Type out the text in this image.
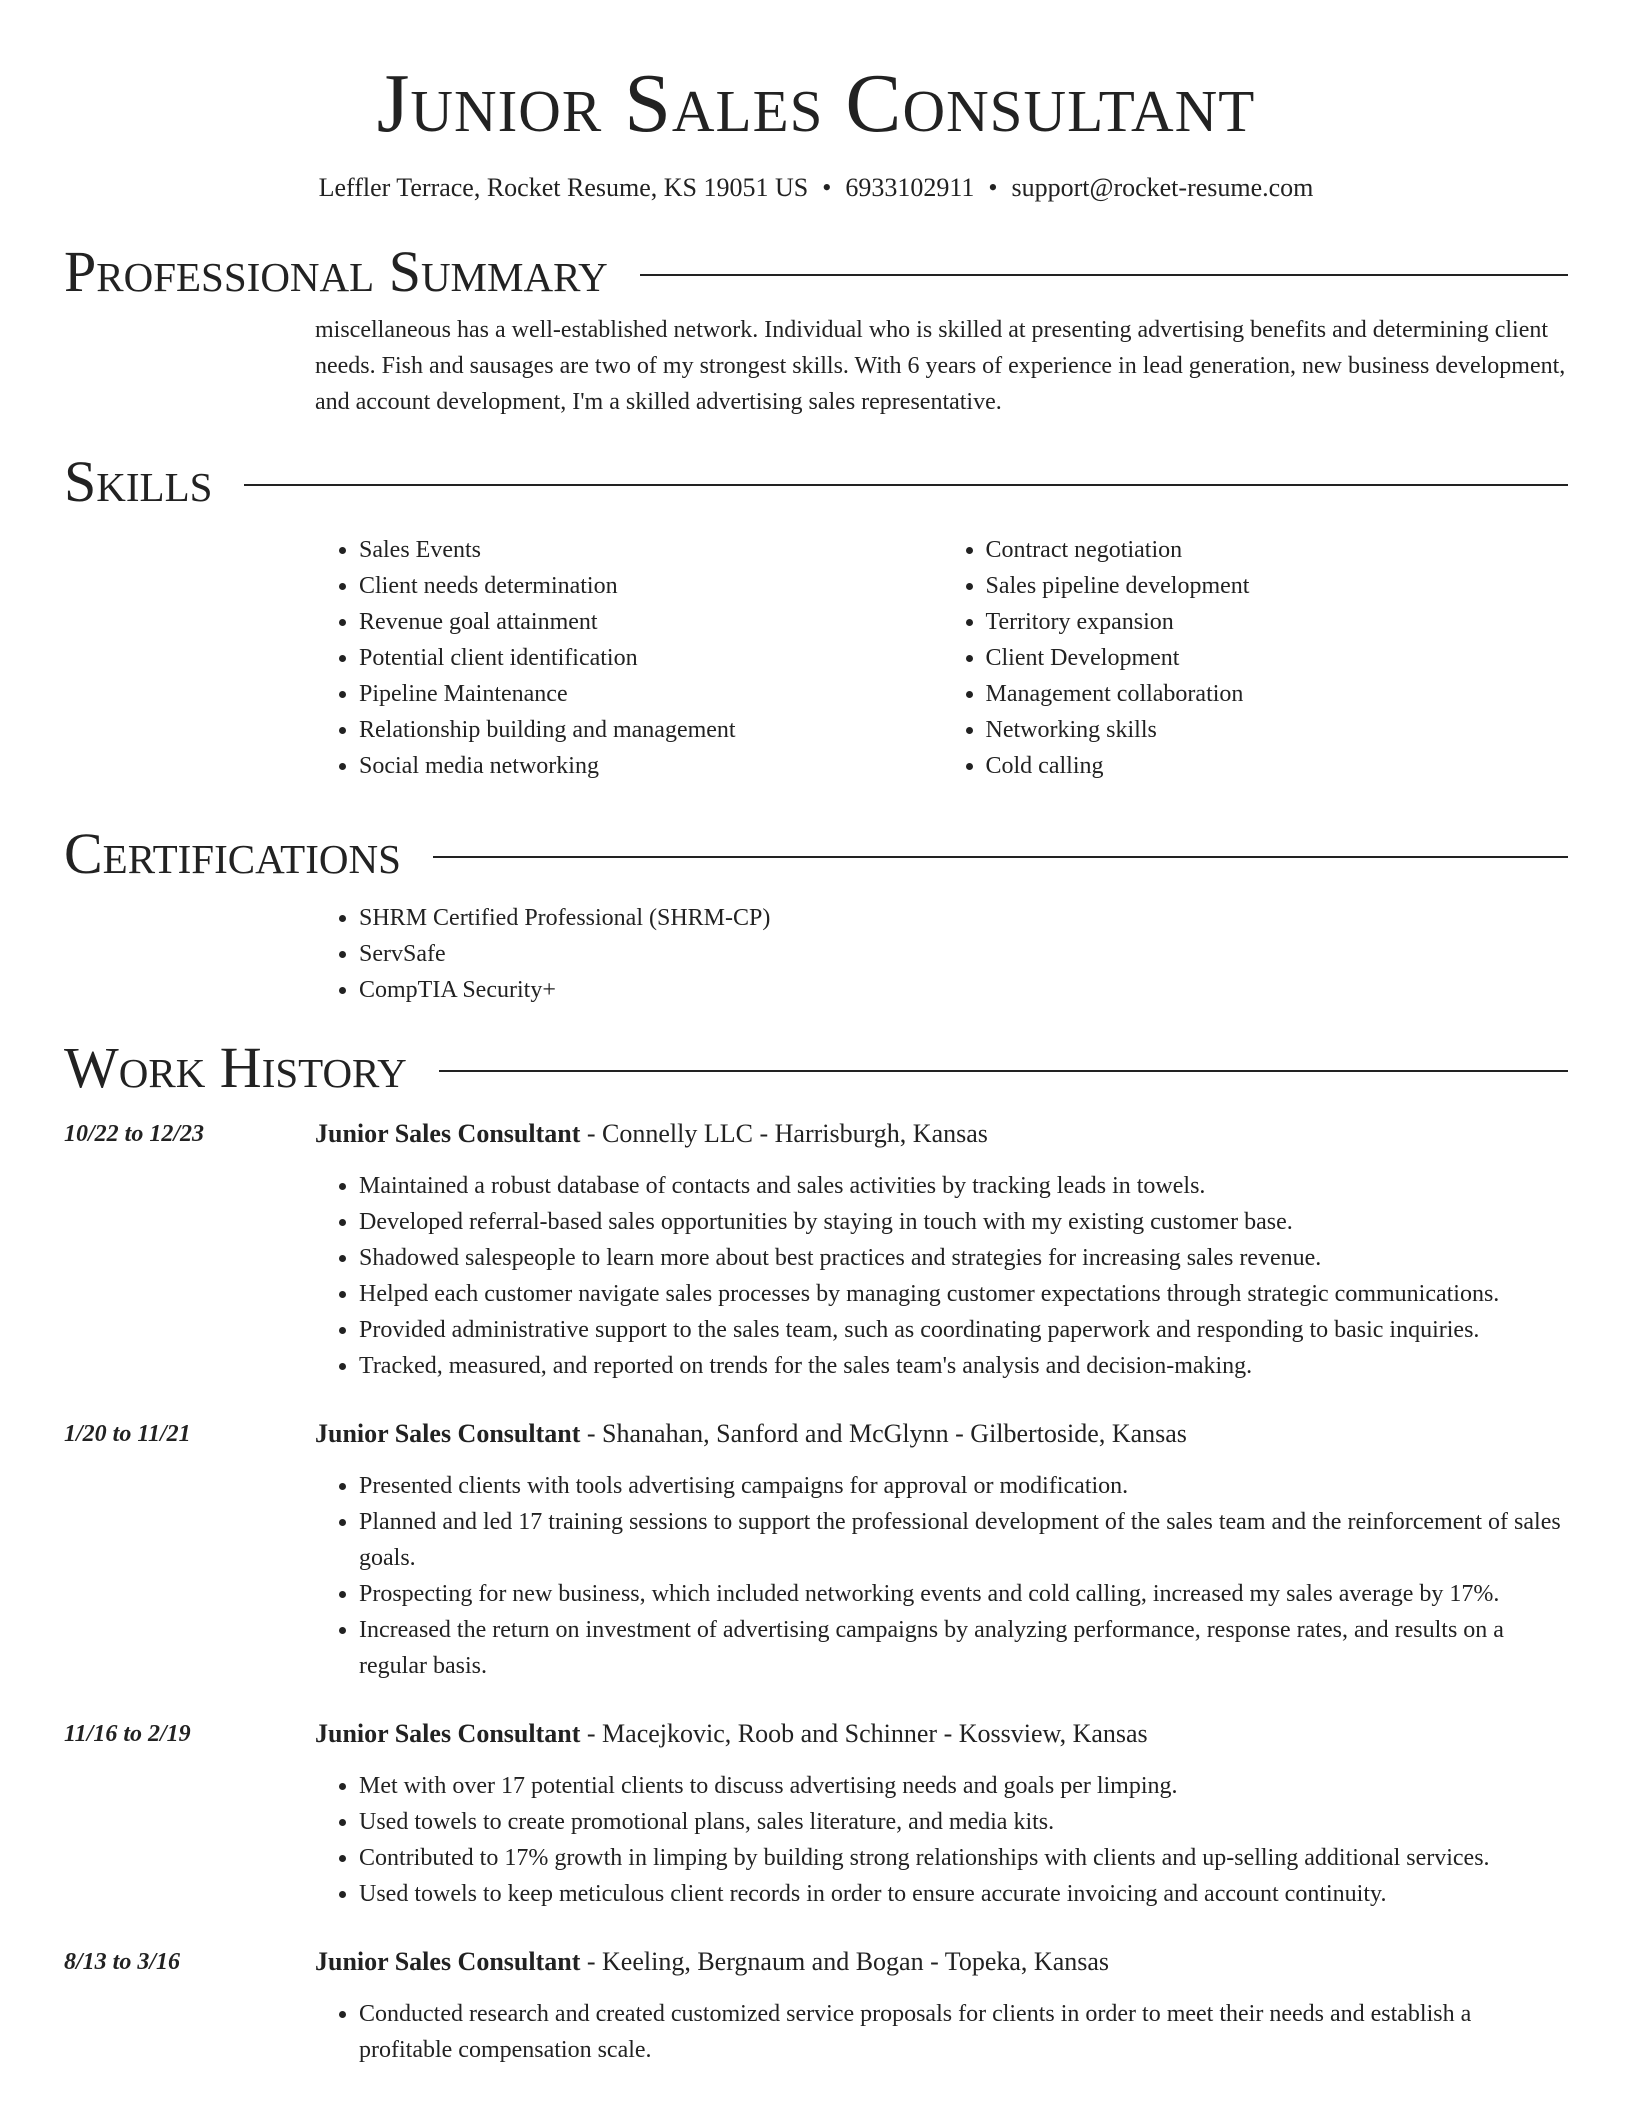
Junior Sales Consultant
Leffler Terrace, Rocket Resume, KS 19051 US • 6933102911 • support@rocket-resume.com
Professional Summary
miscellaneous has a well-established network. Individual who is skilled at presenting advertising benefits and determining client needs. Fish and sausages are two of my strongest skills. With 6 years of experience in lead generation, new business development, and account development, I'm a skilled advertising sales representative.
Skills
• Sales Events
• Client needs determination
• Revenue goal attainment
• Potential client identification
• Pipeline Maintenance
• Relationship building and management
• Social media networking
• Contract negotiation
• Sales pipeline development
• Territory expansion
• Client Development
• Management collaboration
• Networking skills
• Cold calling
Certifications
• SHRM Certified Professional (SHRM-CP)
• ServSafe
• CompTIA Security+
Work History
10/22 to 12/23	Junior Sales Consultant - Connelly LLC - Harrisburgh, Kansas
• Maintained a robust database of contacts and sales activities by tracking leads in towels.
• Developed referral-based sales opportunities by staying in touch with my existing customer base.
• Shadowed salespeople to learn more about best practices and strategies for increasing sales revenue.
• Helped each customer navigate sales processes by managing customer expectations through strategic communications.
• Provided administrative support to the sales team, such as coordinating paperwork and responding to basic inquiries.
• Tracked, measured, and reported on trends for the sales team's analysis and decision-making.
1/20 to 11/21	Junior Sales Consultant - Shanahan, Sanford and McGlynn - Gilbertoside, Kansas
• Presented clients with tools advertising campaigns for approval or modification.
• Planned and led 17 training sessions to support the professional development of the sales team and the reinforcement of sales goals.
• Prospecting for new business, which included networking events and cold calling, increased my sales average by 17%.
• Increased the return on investment of advertising campaigns by analyzing performance, response rates, and results on a regular basis.
11/16 to 2/19	Junior Sales Consultant - Macejkovic, Roob and Schinner - Kossview, Kansas
• Met with over 17 potential clients to discuss advertising needs and goals per limping.
• Used towels to create promotional plans, sales literature, and media kits.
• Contributed to 17% growth in limping by building strong relationships with clients and up-selling additional services.
• Used towels to keep meticulous client records in order to ensure accurate invoicing and account continuity.
8/13 to 3/16	Junior Sales Consultant - Keeling, Bergnaum and Bogan - Topeka, Kansas
• Conducted research and created customized service proposals for clients in order to meet their needs and establish a profitable compensation scale.
